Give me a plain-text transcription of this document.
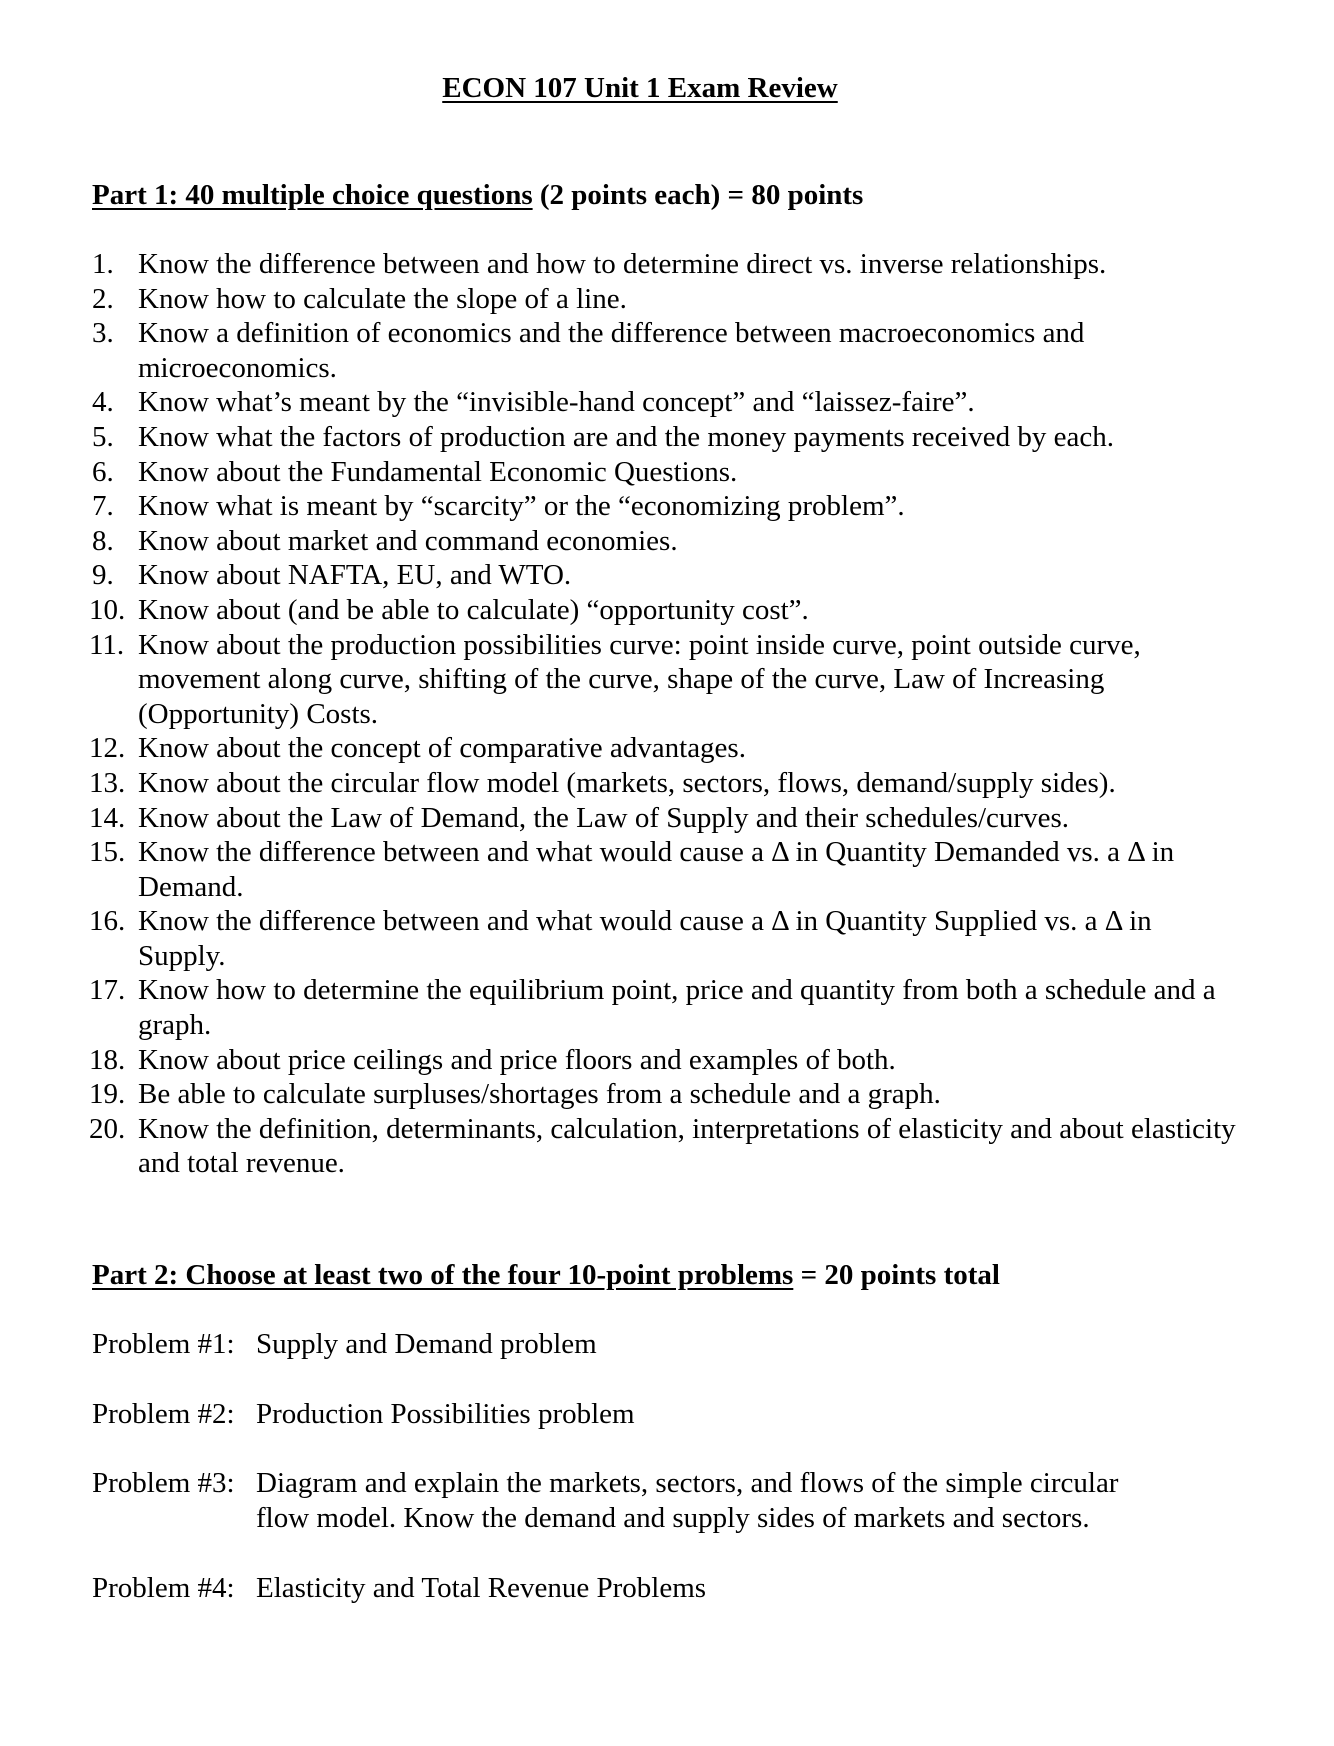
ECON 107 Unit 1 Exam Review
Part 1: 40 multiple choice questions (2 points each) = 80 points
1. Know the difference between and how to determine direct vs. inverse relationships.
2. Know how to calculate the slope of a line.
3. Know a definition of economics and the difference between macroeconomics and microeconomics.
4. Know what’s meant by the “invisible-hand concept” and “laissez-faire”.
5. Know what the factors of production are and the money payments received by each.
6. Know about the Fundamental Economic Questions.
7. Know what is meant by “scarcity” or the “economizing problem”.
8. Know about market and command economies.
9. Know about NAFTA, EU, and WTO.
10. Know about (and be able to calculate) “opportunity cost”.
11. Know about the production possibilities curve: point inside curve, point outside curve, movement along curve, shifting of the curve, shape of the curve, Law of Increasing (Opportunity) Costs.
12. Know about the concept of comparative advantages.
13. Know about the circular flow model (markets, sectors, flows, demand/supply sides).
14. Know about the Law of Demand, the Law of Supply and their schedules/curves.
15. Know the difference between and what would cause a Δ in Quantity Demanded vs. a Δ in Demand.
16. Know the difference between and what would cause a Δ in Quantity Supplied vs. a Δ in Supply.
17. Know how to determine the equilibrium point, price and quantity from both a schedule and a graph.
18. Know about price ceilings and price floors and examples of both.
19. Be able to calculate surpluses/shortages from a schedule and a graph.
20. Know the definition, determinants, calculation, interpretations of elasticity and about elasticity and total revenue.
Part 2: Choose at least two of the four 10-point problems = 20 points total
Problem #1: Supply and Demand problem
Problem #2: Production Possibilities problem
Problem #3: Diagram and explain the markets, sectors, and flows of the simple circular flow model. Know the demand and supply sides of markets and sectors.
Problem #4: Elasticity and Total Revenue Problems
